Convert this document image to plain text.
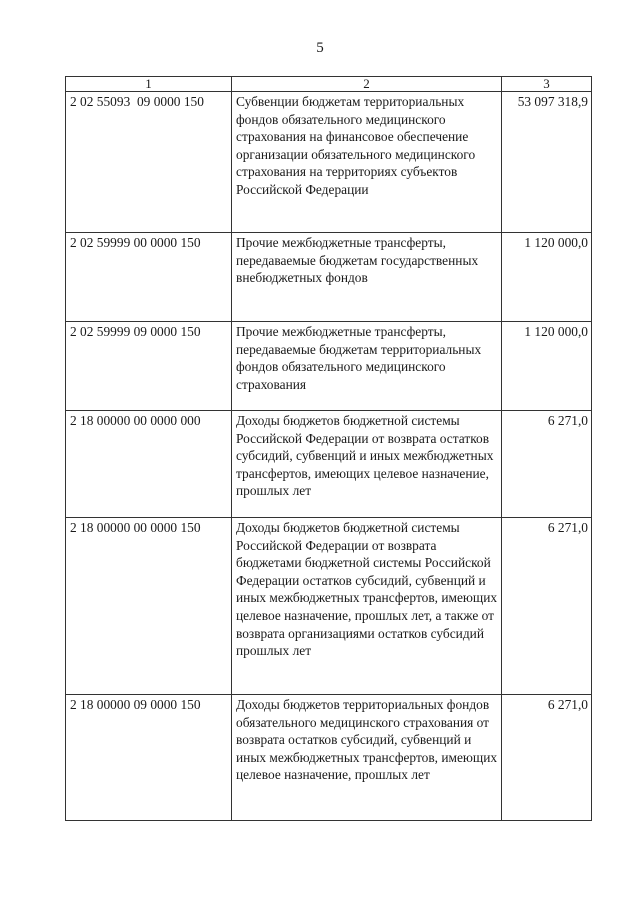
5
1	2	3
2 02 55093  09 0000 150	Субвенции бюджетам территориальных фондов обязательного медицинского страхования на финансовое обеспечение организации обязательного медицинского страхования на территориях субъектов Российской Федерации	53 097 318,9
2 02 59999 00 0000 150	Прочие межбюджетные трансферты, передаваемые бюджетам государственных внебюджетных фондов	1 120 000,0
2 02 59999 09 0000 150	Прочие межбюджетные трансферты, передаваемые бюджетам территориальных фондов обязательного медицинского страхования	1 120 000,0
2 18 00000 00 0000 000	Доходы бюджетов бюджетной системы Российской Федерации от возврата остатков субсидий, субвенций и иных межбюджетных трансфертов, имеющих целевое назначение, прошлых лет	6 271,0
2 18 00000 00 0000 150	Доходы бюджетов бюджетной системы Российской Федерации от возврата бюджетами бюджетной системы Российской Федерации остатков субсидий, субвенций и иных межбюджетных трансфертов, имеющих целевое назначение, прошлых лет, а также от возврата организациями остатков субсидий прошлых лет	6 271,0
2 18 00000 09 0000 150	Доходы бюджетов территориальных фондов обязательного медицинского страхования от возврата остатков субсидий, субвенций и иных межбюджетных трансфертов, имеющих целевое назначение, прошлых лет	6 271,0
